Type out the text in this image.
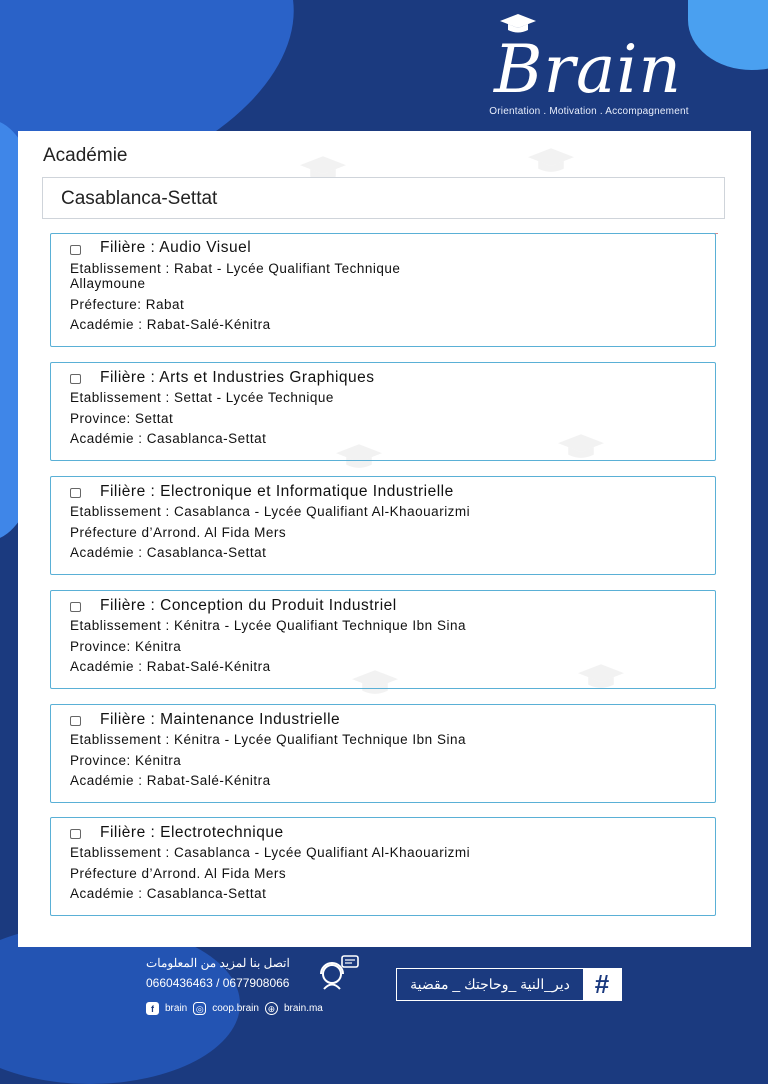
Brain
Orientation . Motivation . Accompagnement
Académie
Casablanca-Settat
Filière : Audio Visuel
Etablissement : Rabat - Lycée Qualifiant Technique
Allaymoune
Préfecture: Rabat
Académie : Rabat-Salé-Kénitra
Filière : Arts et Industries Graphiques
Etablissement : Settat - Lycée Technique
Province: Settat
Académie : Casablanca-Settat
Filière : Electronique et Informatique Industrielle
Etablissement : Casablanca - Lycée Qualifiant Al-Khaouarizmi
Préfecture d’Arrond. Al Fida Mers
Académie : Casablanca-Settat
Filière : Conception du Produit Industriel
Etablissement : Kénitra - Lycée Qualifiant Technique Ibn Sina
Province: Kénitra
Académie : Rabat-Salé-Kénitra
Filière : Maintenance Industrielle
Etablissement : Kénitra - Lycée Qualifiant Technique Ibn Sina
Province: Kénitra
Académie : Rabat-Salé-Kénitra
Filière : Electrotechnique
Etablissement : Casablanca - Lycée Qualifiant Al-Khaouarizmi
Préfecture d’Arrond. Al Fida Mers
Académie : Casablanca-Settat
اتصل بنا لمزيد من المعلومات
0660436463 / 0677908066
f	brain ◎ coop.brain ⊕ brain.ma
دير_النية _وحاجتك _ مقضية #
